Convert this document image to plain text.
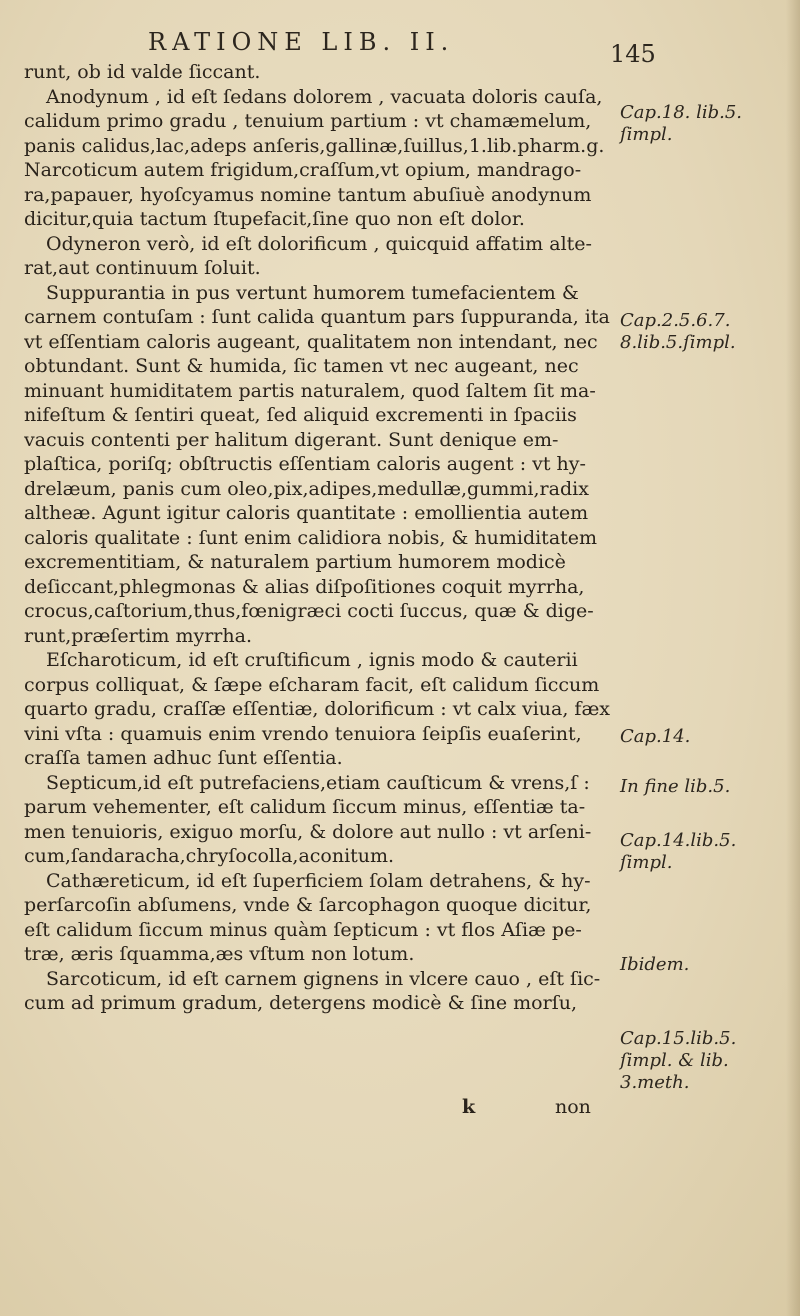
RATIONE LIB. II.	145
runt, ob id valde ſiccant.
Anodynum , id eſt ſedans dolorem , vacuata doloris cauſa,
calidum primo gradu , tenuium partium : vt chamæmelum,
panis calidus,lac,adeps anſeris,gallinæ,ſuillus,1.lib.pharm.g.
Narcoticum autem frigidum,craſſum,vt opium, mandrago-
ra,papauer, hyoſcyamus nomine tantum abuſiuè anodynum
dicitur,quia tactum ſtupefacit,ſine quo non eſt dolor.
Odyneron verò, id eſt dolorificum , quicquid affatim alte-
rat,aut continuum ſoluit.
Suppurantia in pus vertunt humorem tumefacientem &
carnem contuſam : ſunt calida quantum pars ſuppuranda, ita
vt eſſentiam caloris augeant, qualitatem non intendant, nec
obtundant. Sunt & humida, ſic tamen vt nec augeant, nec
minuant humiditatem partis naturalem, quod ſaltem ſit ma-
nifeſtum & ſentiri queat, ſed aliquid excrementi in ſpaciis
vacuis contenti per halitum digerant. Sunt denique em-
plaſtica, poriſq; obſtructis eſſentiam caloris augent : vt hy-
drelæum, panis cum oleo,pix,adipes,medullæ,gummi,radix
altheæ. Agunt igitur caloris quantitate : emollientia autem
caloris qualitate : ſunt enim calidiora nobis, & humiditatem
excrementitiam, & naturalem partium humorem modicè
deſiccant,phlegmonas & alias diſpoſitiones coquit myrrha,
crocus,caſtorium,thus,fœnigræci cocti ſuccus, quæ & dige-
runt,præſertim myrrha.
Eſcharoticum, id eſt cruſtificum , ignis modo & cauterii
corpus colliquat, & ſæpe eſcharam facit, eſt calidum ſiccum
quarto gradu, craſſæ eſſentiæ, dolorificum : vt calx viua, fæx
vini vſta : quamuis enim vrendo tenuiora ſeipſis euaſerint,
craſſa tamen adhuc ſunt eſſentia.
Septicum,id eſt putrefaciens,etiam cauſticum & vrens,ſ :
parum vehementer, eſt calidum ſiccum minus, eſſentiæ ta-
men tenuioris, exiguo morſu, & dolore aut nullo : vt arſeni-
cum,ſandaracha,chryſocolla,aconitum.
Cathæreticum, id eſt ſuperficiem ſolam detrahens, & hy-
perſarcoſin abſumens, vnde & ſarcophagon quoque dicitur,
eſt calidum ſiccum minus quàm ſepticum : vt flos Aſiæ pe-
træ, æris ſquamma,æs vſtum non lotum.
Sarcoticum, id eſt carnem gignens in vlcere cauo , eſt ſic-
cum ad primum gradum, detergens modicè & ſine morſu,
Cap.18. lib.5.
ſimpl.
Cap.2.5.6.7.
8.lib.5.ſimpl.
Cap.14.
In fine lib.5.
Cap.14.lib.5.
ſimpl.
Ibidem.
Cap.15.lib.5.
ſimpl. & lib.
3.meth.
k	non
